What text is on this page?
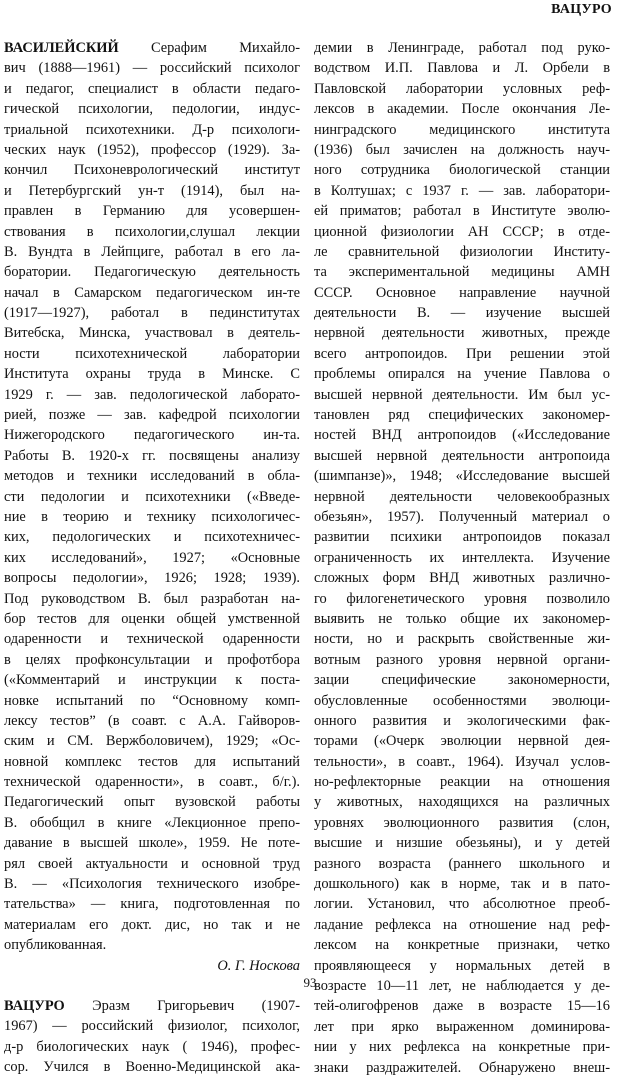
ВАЦУРО
ВАСИЛЕЙСКИЙ Серафим Михайло-
вич (1888—1961) — российский психолог
и педагог, специалист в области педаго-
гической психологии, педологии, индус-
триальной психотехники. Д-р психологи-
ческих наук (1952), профессор (1929). За-
кончил Психоневрологический институт
и Петербургский ун-т (1914), был на-
правлен в Германию для усовершен-
ствования в психологии,слушал лекции
В. Вундта в Лейпциге, работал в его ла-
боратории. Педагогическую деятельность
начал в Самарском педагогическом ин-те
(1917—1927), работал в пединститутах
Витебска, Минска, участвовал в деятель-
ности психотехнической лаборатории
Института охраны труда в Минске. С
1929 г. — зав. педологической лаборато-
рией, позже — зав. кафедрой психологии
Нижегородского педагогического ин-та.
Работы В. 1920-х гг. посвящены анализу
методов и техники исследований в обла-
сти педологии и психотехники («Введе-
ние в теорию и технику психологичес-
ких, педологических и психотехничес-
ких исследований», 1927; «Основные
вопросы педологии», 1926; 1928; 1939).
Под руководством В. был разработан на-
бор тестов для оценки общей умственной
одаренности и технической одаренности
в целях профконсультации и профотбора
(«Комментарий и инструкции к поста-
новке испытаний по “Основному комп-
лексу тестов” (в соавт. с А.А. Гайворов-
ским и СМ. Вержболовичем), 1929; «Ос-
новной комплекс тестов для испытаний
технической одаренности», в соавт., б/г.).
Педагогический опыт вузовской работы
В. обобщил в книге «Лекционное препо-
давание в высшей школе», 1959. Не поте-
рял своей актуальности и основной труд
В. — «Психология технического изобре-
тательства» — книга, подготовленная по
материалам его докт. дис, но так и не
опубликованная.
О. Г. Носкова
ВАЦУРО Эразм Григорьевич (1907-
1967) — российский физиолог, психолог,
д-р биологических наук ( 1946), профес-
сор. Учился в Военно-Медицинской ака-
демии в Ленинграде, работал под руко-
водством И.П. Павлова и Л. Орбели в
Павловской лаборатории условных реф-
лексов в академии. После окончания Ле-
нинградского медицинского института
(1936) был зачислен на должность науч-
ного сотрудника биологической станции
в Колтушах; с 1937 г. — зав. лаборатори-
ей приматов; работал в Институте эволю-
ционной физиологии АН СССР; в отде-
ле сравнительной физиологии Институ-
та экспериментальной медицины АМН
СССР. Основное направление научной
деятельности В. — изучение высшей
нервной деятельности животных, прежде
всего антропоидов. При решении этой
проблемы опирался на учение Павлова о
высшей нервной деятельности. Им был ус-
тановлен ряд специфических закономер-
ностей ВНД антропоидов («Исследование
высшей нервной деятельности антропоида
(шимпанзе)», 1948; «Исследование высшей
нервной деятельности человекообразных
обезьян», 1957). Полученный материал о
развитии психики антропоидов показал
ограниченность их интеллекта. Изучение
сложных форм ВНД животных различно-
го филогенетического уровня позволило
выявить не только общие их закономер-
ности, но и раскрыть свойственные жи-
вотным разного уровня нервной органи-
зации специфические закономерности,
обусловленные особенностями эволюци-
онного развития и экологическими фак-
торами («Очерк эволюции нервной дея-
тельности», в соавт., 1964). Изучал услов-
но-рефлекторные реакции на отношения
у животных, находящихся на различных
уровнях эволюционного развития (слон,
высшие и низшие обезьяны), и у детей
разного возраста (раннего школьного и
дошкольного) как в норме, так и в пато-
логии. Установил, что абсолютное преоб-
ладание рефлекса на отношение над реф-
лексом на конкретные признаки, четко
проявляющееся у нормальных детей в
возрасте 10—11 лет, не наблюдается у де-
тей-олигофренов даже в возрасте 15—16
лет при ярко выраженном доминирова-
нии у них рефлекса на конкретные при-
знаки раздражителей. Обнаружено внеш-
93
